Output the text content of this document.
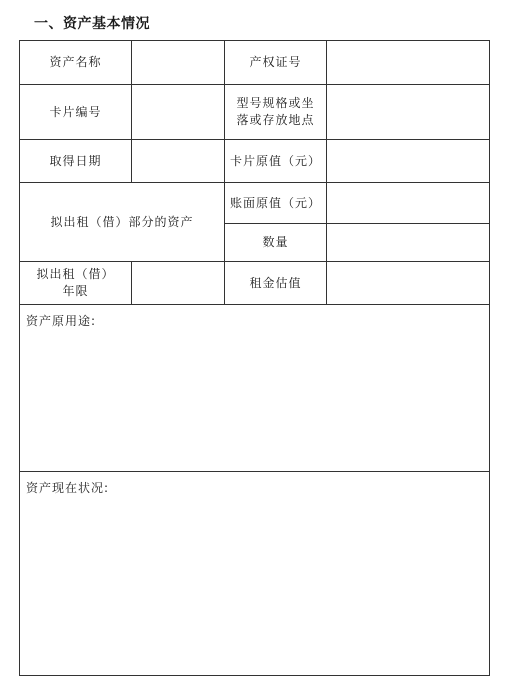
一、资产基本情况
资产名称		产权证号	
卡片编号		型号规格或坐
落或存放地点	

取得日期		卡片原值（元）	
拟出租（借）部分的资产		账面原值（元）	
		数量	

拟出租（借）
年限		租金估值	
资产原用途:			
资产现在状况:			
